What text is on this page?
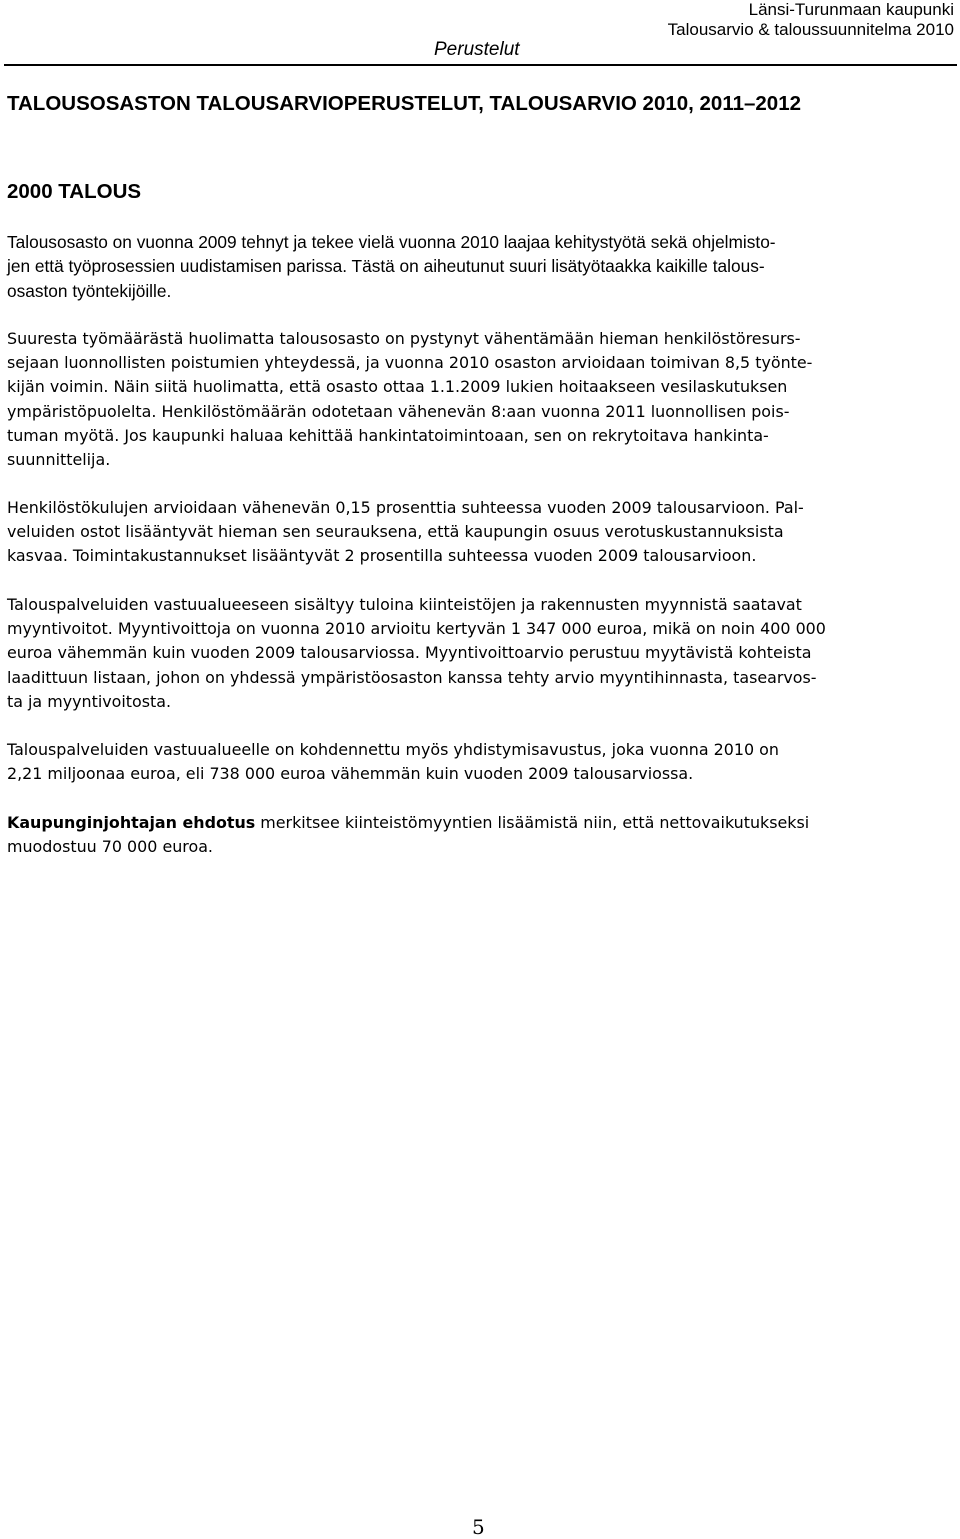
Perustelut
Länsi-Turunmaan kaupunki
Talousarvio & taloussuunnitelma 2010
TALOUSOSASTON TALOUSARVIOPERUSTELUT, TALOUSARVIO 2010, 2011–2012
2000 TALOUS
Talousosasto on vuonna 2009 tehnyt ja tekee vielä vuonna 2010 laajaa kehitystyötä sekä ohjelmisto-
jen että työprosessien uudistamisen parissa. Tästä on aiheutunut suuri lisätyötaakka kaikille talous-
osaston työntekijöille.
Suuresta työmäärästä huolimatta talousosasto on pystynyt vähentämään hieman henkilöstöresurs-
sejaan luonnollisten poistumien yhteydessä, ja vuonna 2010 osaston arvioidaan toimivan 8,5 työnte-
kijän voimin. Näin siitä huolimatta, että osasto ottaa 1.1.2009 lukien hoitaakseen vesilaskutuksen
ympäristöpuolelta. Henkilöstömäärän odotetaan vähenevän 8:aan vuonna 2011 luonnollisen pois-
tuman myötä. Jos kaupunki haluaa kehittää hankintatoimintoaan, sen on rekrytoitava hankinta-
suunnittelija.
Henkilöstökulujen arvioidaan vähenevän 0,15 prosenttia suhteessa vuoden 2009 talousarvioon. Pal-
veluiden ostot lisääntyvät hieman sen seurauksena, että kaupungin osuus verotuskustannuksista
kasvaa. Toimintakustannukset lisääntyvät 2 prosentilla suhteessa vuoden 2009 talousarvioon.
Talouspalveluiden vastuualueeseen sisältyy tuloina kiinteistöjen ja rakennusten myynnistä saatavat
myyntivoitot. Myyntivoittoja on vuonna 2010 arvioitu kertyvän 1 347 000 euroa, mikä on noin 400 000
euroa vähemmän kuin vuoden 2009 talousarviossa. Myyntivoittoarvio perustuu myytävistä kohteista
laadittuun listaan, johon on yhdessä ympäristöosaston kanssa tehty arvio myyntihinnasta, tasearvos-
ta ja myyntivoitosta.
Talouspalveluiden vastuualueelle on kohdennettu myös yhdistymisavustus, joka vuonna 2010 on
2,21 miljoonaa euroa, eli 738 000 euroa vähemmän kuin vuoden 2009 talousarviossa.
Kaupunginjohtajan ehdotus merkitsee kiinteistömyyntien lisäämistä niin, että nettovaikutukseksi
muodostuu 70 000 euroa.
5
